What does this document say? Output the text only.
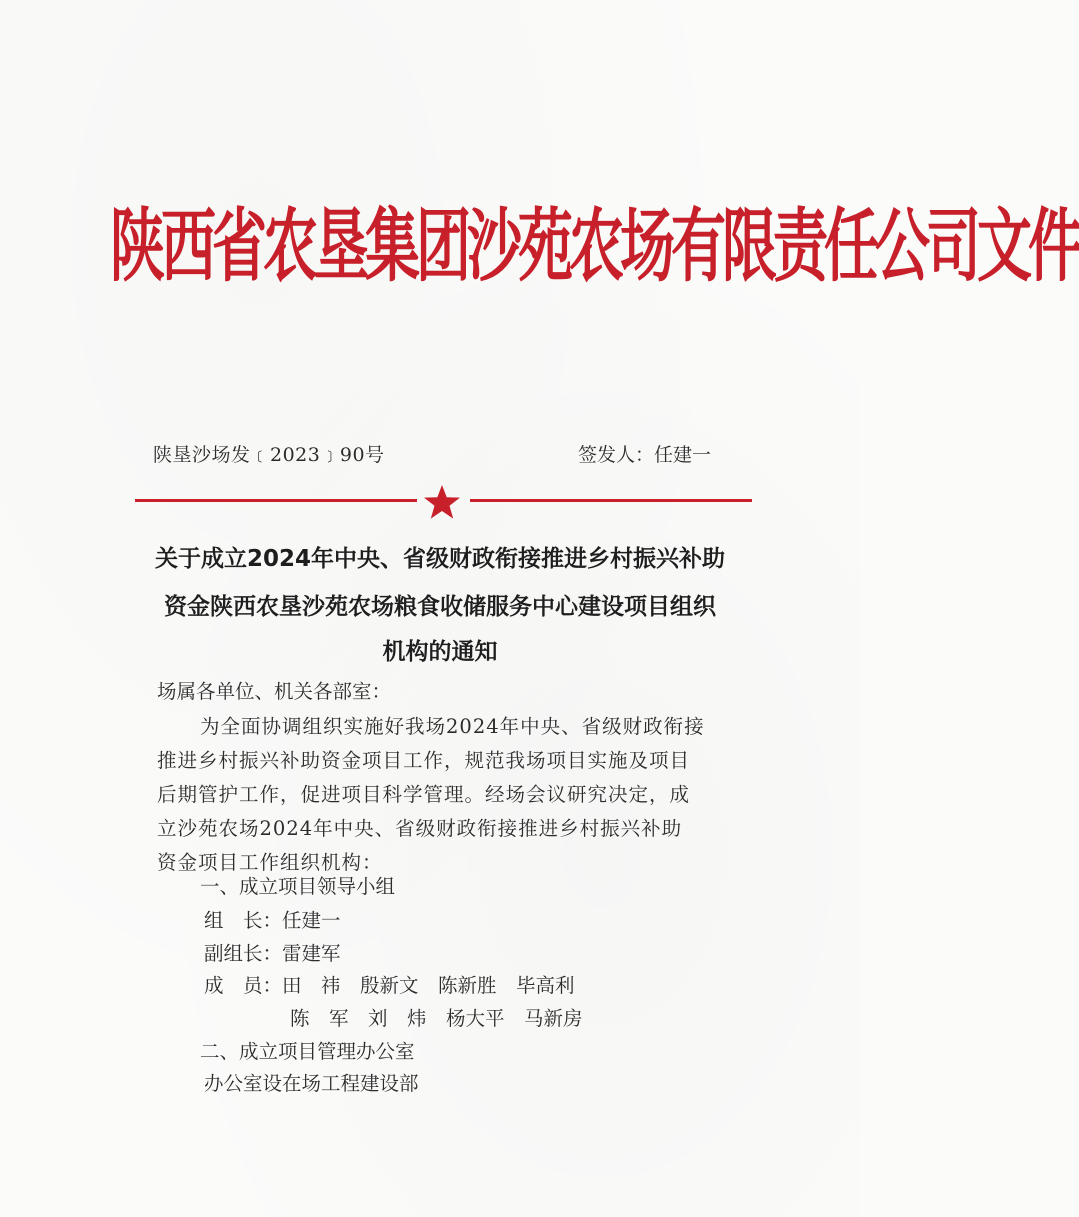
陕西省农垦集团沙苑农场有限责任公司文件
陕垦沙场发﹝2023﹞90号	签发人：任建一
关于成立2024年中央、省级财政衔接推进乡村振兴补助
资金陕西农垦沙苑农场粮食收储服务中心建设项目组织
机构的通知
场属各单位、机关各部室：
为全面协调组织实施好我场2024年中央、省级财政衔接
推进乡村振兴补助资金项目工作，规范我场项目实施及项目
后期管护工作，促进项目科学管理。经场会议研究决定，成
立沙苑农场2024年中央、省级财政衔接推进乡村振兴补助
资金项目工作组织机构：
一、成立项目领导小组
组　长：任建一
副组长：雷建军
成　员：田　祎　殷新文　陈新胜　毕高利
陈　军　刘　炜　杨大平　马新房
二、成立项目管理办公室
办公室设在场工程建设部
